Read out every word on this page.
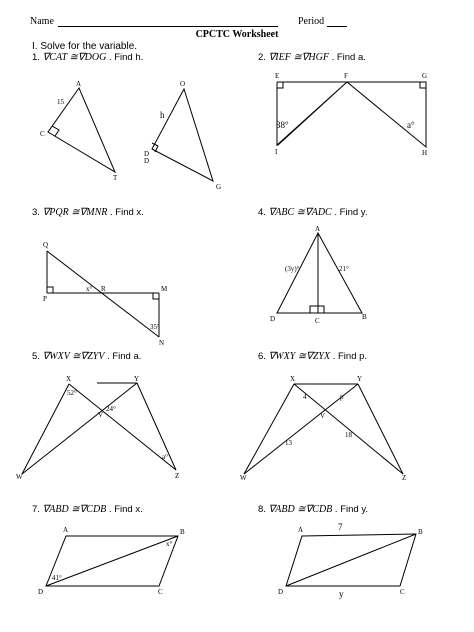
Name	Period
CPCTC Worksheet
I. Solve for the variable.
1. ∇CAT ≅∇DOG . Find h.	2. ∇IEF ≅∇HGF . Find a.
3. ∇PQR ≅∇MNR . Find x.	4. ∇ABC ≅∇ADC . Find y.
5. ∇WXV ≅∇ZYV . Find a.	6. ∇WXY ≅∇ZYX . Find p.
7. ∇ABD ≅∇CDB . Find x.	8. ∇ABD ≅∇CDB . Find y.
A
C
T
15
O
D
D
G
h
E	F	G
I	H
38°	a°
Q
P
R	M
N
x°
35°
A
D	C	B
(3y)°	21°
X	Y
W	Z
V
52°
24°
a°
X	Y
W	Z
V
4	p
13
18
A	B
C
D
x°
41°
A	B
C
D
7
y
